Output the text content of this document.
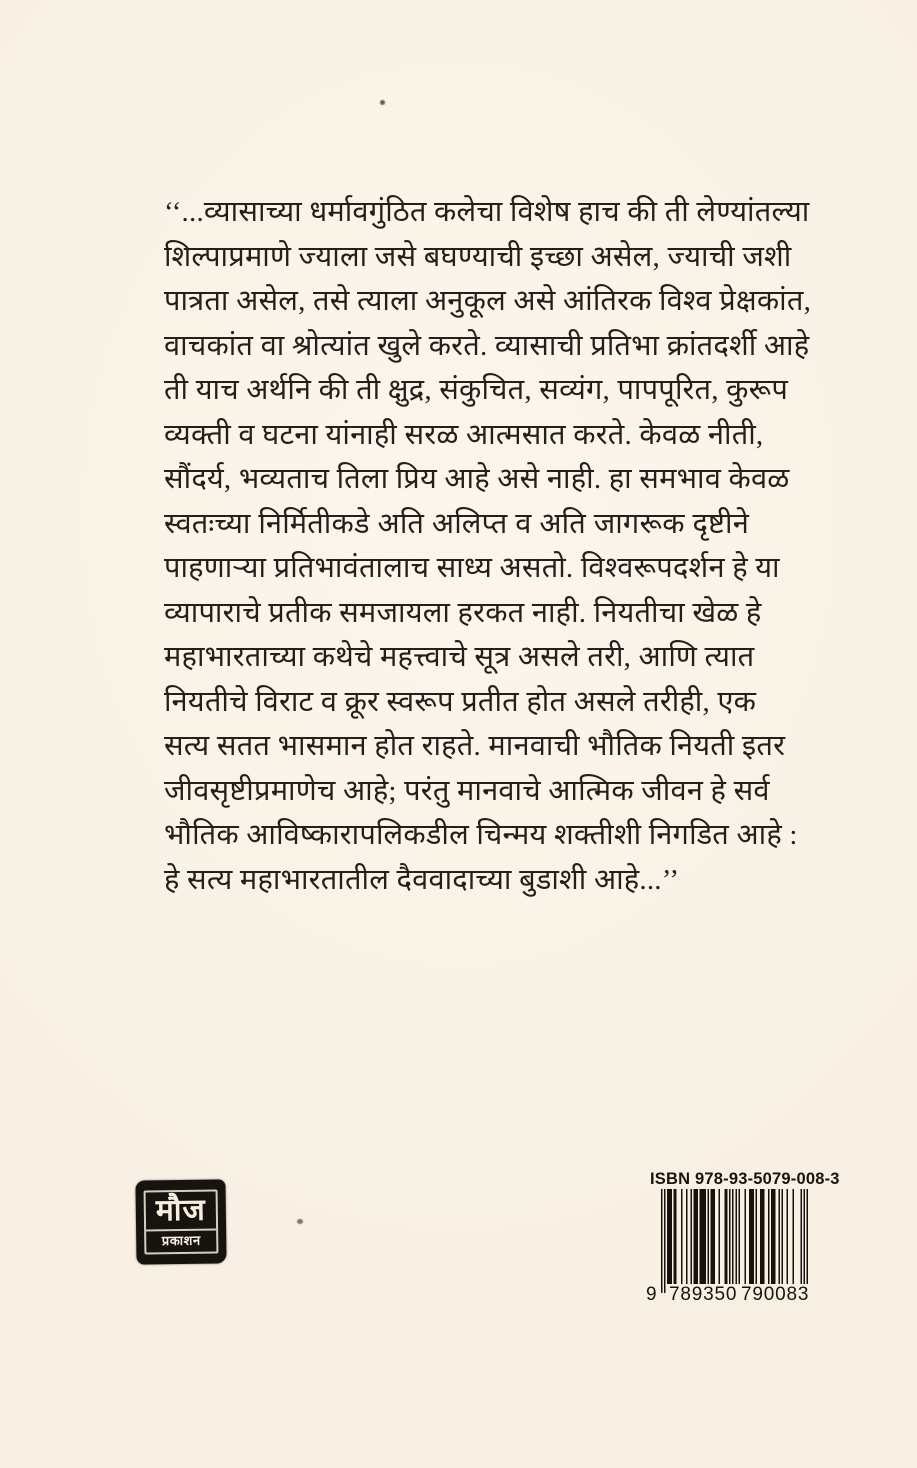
‘‘...व्यासाच्या धर्मावगुंठित कलेचा विशेष हाच की ती लेण्यांतल्या
शिल्पाप्रमाणे ज्याला जसे बघण्याची इच्छा असेल, ज्याची जशी
पात्रता असेल, तसे त्याला अनुकूल असे आंतिरक विश्व प्रेक्षकांत,
वाचकांत वा श्रोत्यांत खुले करते. व्यासाची प्रतिभा क्रांतदर्शी आहे
ती याच अर्थनि की ती क्षुद्र, संकुचित, सव्यंग, पापपूरित, कुरूप
व्यक्ती व घटना यांनाही सरळ आत्मसात करते. केवळ नीती,
सौंदर्य, भव्यताच तिला प्रिय आहे असे नाही. हा समभाव केवळ
स्वतःच्या निर्मितीकडे अति अलिप्त व अति जागरूक दृष्टीने
पाहणाऱ्या प्रतिभावंतालाच साध्य असतो. विश्वरूपदर्शन हे या
व्यापाराचे प्रतीक समजायला हरकत नाही. नियतीचा खेळ हे
महाभारताच्या कथेचे महत्त्वाचे सूत्र असले तरी, आणि त्यात
नियतीचे विराट व क्रूर स्वरूप प्रतीत होत असले तरीही, एक
सत्य सतत भासमान होत राहते. मानवाची भौतिक नियती इतर
जीवसृष्टीप्रमाणेच आहे; परंतु मानवाचे आत्मिक जीवन हे सर्व
भौतिक आविष्कारापलिकडील चिन्मय शक्तीशी निगडित आहे :
हे सत्य महाभारतातील दैववादाच्या बुडाशी आहे...’’
मौज
प्रकाशन
ISBN 978-93-5079-008-3
9 789350 790083
